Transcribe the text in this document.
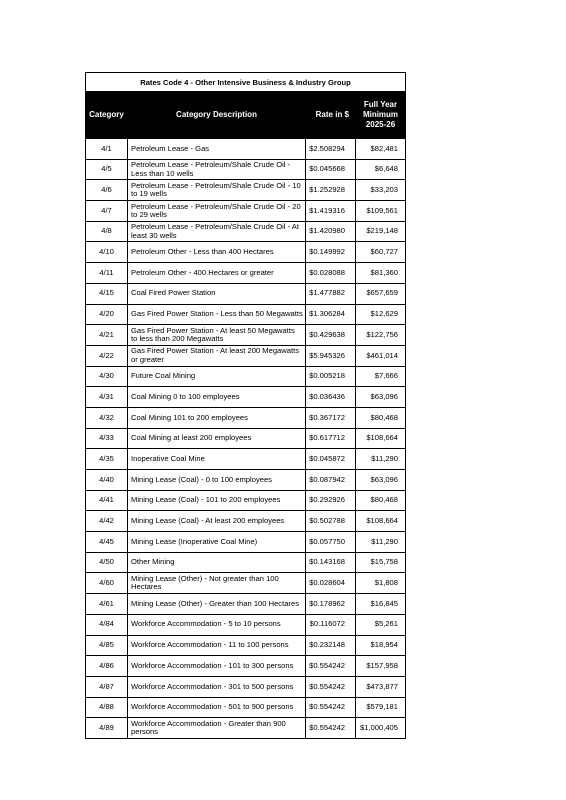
Rates Code 4 - Other Intensive Business & Industry Group			
Category	Category Description	Rate in $	Full Year
Minimum
2025-26
4/1	Petroleum Lease - Gas	$2.508294	$82,481
4/5	Petroleum Lease - Petroleum/Shale Crude Oil - Less than 10 wells	$0.045668	$6,648
4/6	Petroleum Lease - Petroleum/Shale Crude Oil - 10 to 19 wells	$1.252928	$33,203
4/7	Petroleum Lease - Petroleum/Shale Crude Oil - 20 to 29 wells	$1.419316	$109,561
4/8	Petroleum Lease - Petroleum/Shale Crude Oil - At least 30 wells	$1.420980	$219,148
4/10	Petroleum Other - Less than 400 Hectares	$0.149992	$60,727
4/11	Petroleum Other - 400 Hectares or greater	$0.028088	$81,360
4/15	Coal Fired Power Station	$1.477882	$657,659
4/20	Gas Fired Power Station - Less than 50 Megawatts	$1.306284	$12,629
4/21	Gas Fired Power Station - At least 50 Megawatts to less than 200 Megawatts	$0.429638	$122,756
4/22	Gas Fired Power Station - At least 200 Megawatts or greater	$5.945326	$461,014
4/30	Future Coal Mining	$0.005218	$7,666
4/31	Coal Mining 0 to 100 employees	$0.036436	$63,096
4/32	Coal Mining 101 to 200 employees	$0.367172	$80,468
4/33	Coal Mining at least 200 employees	$0.617712	$108,664
4/35	Inoperative Coal Mine	$0.045872	$11,290
4/40	Mining Lease (Coal) - 0 to 100 employees	$0.087942	$63,096
4/41	Mining Lease (Coal) - 101 to 200 employees	$0.292926	$80,468
4/42	Mining Lease (Coal) - At least 200 employees	$0.502788	$108,664
4/45	Mining Lease (Inoperative Coal Mine)	$0.057750	$11,290
4/50	Other Mining	$0.143168	$15,758
4/60	Mining Lease (Other) - Not greater than 100 Hectares	$0.028604	$1,808
4/61	Mining Lease (Other) - Greater than 100 Hectares	$0.178962	$16,845
4/84	Workforce Accommodation - 5 to 10 persons	$0.116072	$5,261
4/85	Workforce Accommodation - 11 to 100 persons	$0.232148	$18,954
4/86	Workforce Accommodation - 101 to 300 persons	$0.554242	$157,958
4/87	Workforce Accommodation - 301 to 500 persons	$0.554242	$473,877
4/88	Workforce Accommodation - 501 to 900 persons	$0.554242	$579,181
4/89	Workforce Accommodation - Greater than 900 persons	$0.554242	$1,000,405
